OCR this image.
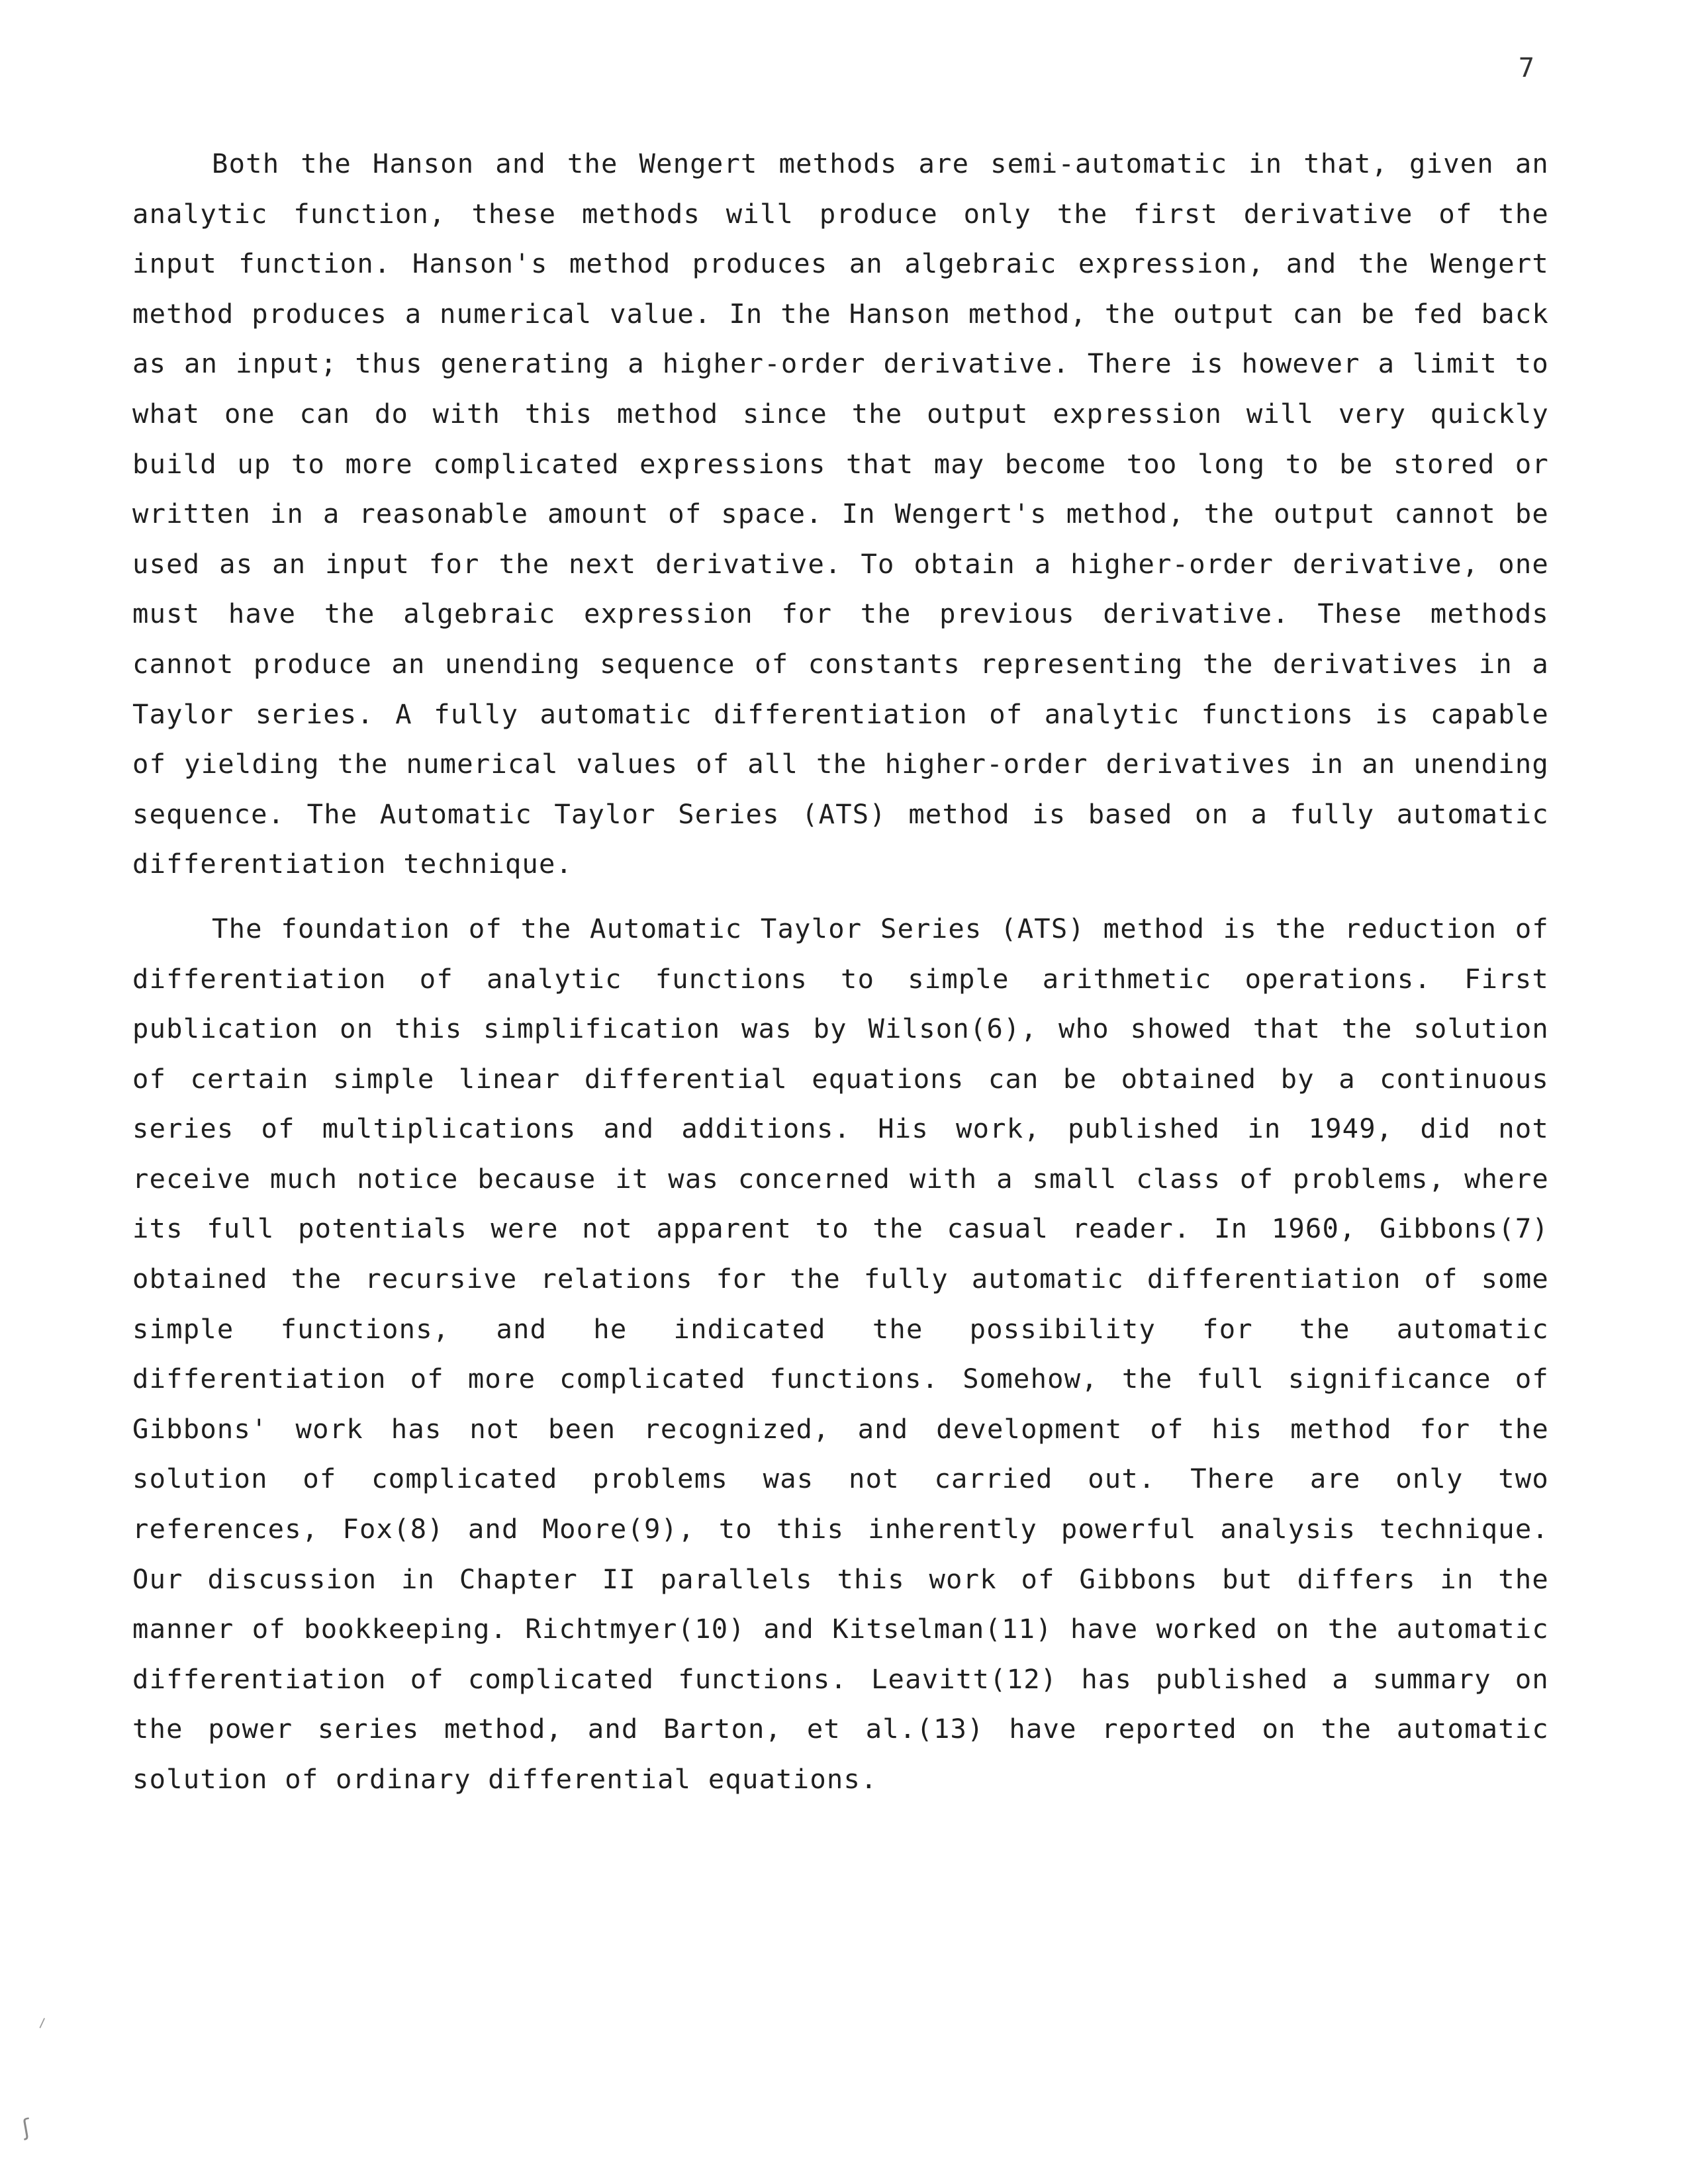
7

Both the Hanson and the Wengert methods are semi-automatic in that, given an analytic function, these methods will produce only the first derivative of the input function. Hanson's method produces an algebraic expression, and the Wengert method produces a numerical value. In the Hanson method, the output can be fed back as an input; thus generating a higher-order derivative. There is however a limit to what one can do with this method since the output expression will very quickly build up to more complicated expressions that may become too long to be stored or written in a reasonable amount of space. In Wengert's method, the output cannot be used as an input for the next derivative. To obtain a higher-order derivative, one must have the algebraic expression for the previous derivative. These methods cannot produce an unending sequence of constants representing the derivatives in a Taylor series. A fully automatic differentiation of analytic functions is capable of yielding the numerical values of all the higher-order derivatives in an unending sequence. The Automatic Taylor Series (ATS) method is based on a fully automatic differentiation technique.

The foundation of the Automatic Taylor Series (ATS) method is the reduction of differentiation of analytic functions to simple arithmetic operations. First publication on this simplification was by Wilson(6), who showed that the solution of certain simple linear differential equations can be obtained by a continuous series of multiplications and additions. His work, published in 1949, did not receive much notice because it was concerned with a small class of problems, where its full potentials were not apparent to the casual reader. In 1960, Gibbons(7) obtained the recursive relations for the fully automatic differentiation of some simple functions, and he indicated the possibility for the automatic differentiation of more complicated functions. Somehow, the full significance of Gibbons' work has not been recognized, and development of his method for the solution of complicated problems was not carried out. There are only two references, Fox(8) and Moore(9), to this inherently powerful analysis technique. Our discussion in Chapter II parallels this work of Gibbons but differs in the manner of bookkeeping. Richtmyer(10) and Kitselman(11) have worked on the automatic differentiation of complicated functions. Leavitt(12) has published a summary on the power series method, and Barton, et al.(13) have reported on the automatic solution of ordinary differential equations.

⸝
ʃ
